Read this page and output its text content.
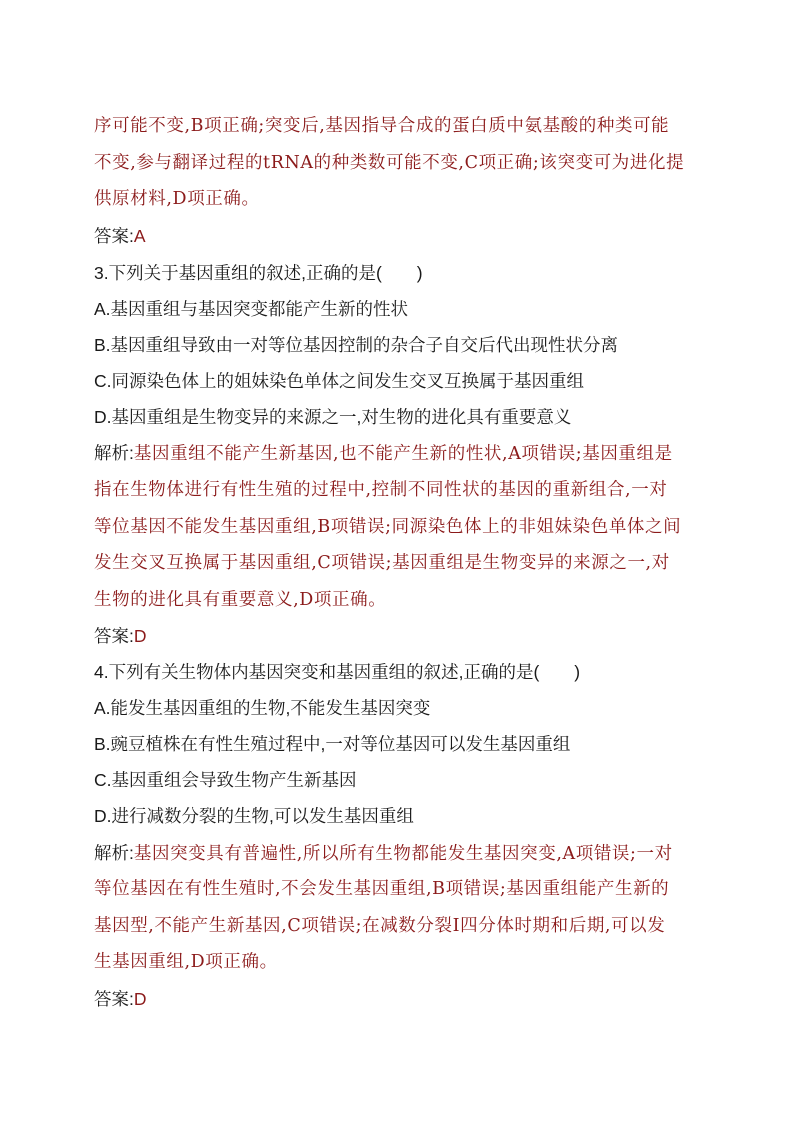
序可能不变,B项正确;突变后,基因指导合成的蛋白质中氨基酸的种类可能
不变,参与翻译过程的tRNA的种类数可能不变,C项正确;该突变可为进化提
供原材料,D项正确。
答案:A
3.下列关于基因重组的叙述,正确的是(　　)
A.基因重组与基因突变都能产生新的性状
B.基因重组导致由一对等位基因控制的杂合子自交后代出现性状分离
C.同源染色体上的姐妹染色单体之间发生交叉互换属于基因重组
D.基因重组是生物变异的来源之一,对生物的进化具有重要意义
解析:基因重组不能产生新基因,也不能产生新的性状,A项错误;基因重组是
指在生物体进行有性生殖的过程中,控制不同性状的基因的重新组合,一对
等位基因不能发生基因重组,B项错误;同源染色体上的非姐妹染色单体之间
发生交叉互换属于基因重组,C项错误;基因重组是生物变异的来源之一,对
生物的进化具有重要意义,D项正确。
答案:D
4.下列有关生物体内基因突变和基因重组的叙述,正确的是(　　)
A.能发生基因重组的生物,不能发生基因突变
B.豌豆植株在有性生殖过程中,一对等位基因可以发生基因重组
C.基因重组会导致生物产生新基因
D.进行减数分裂的生物,可以发生基因重组
解析:基因突变具有普遍性,所以所有生物都能发生基因突变,A项错误;一对
等位基因在有性生殖时,不会发生基因重组,B项错误;基因重组能产生新的
基因型,不能产生新基因,C项错误;在减数分裂Ⅰ四分体时期和后期,可以发
生基因重组,D项正确。
答案:D
